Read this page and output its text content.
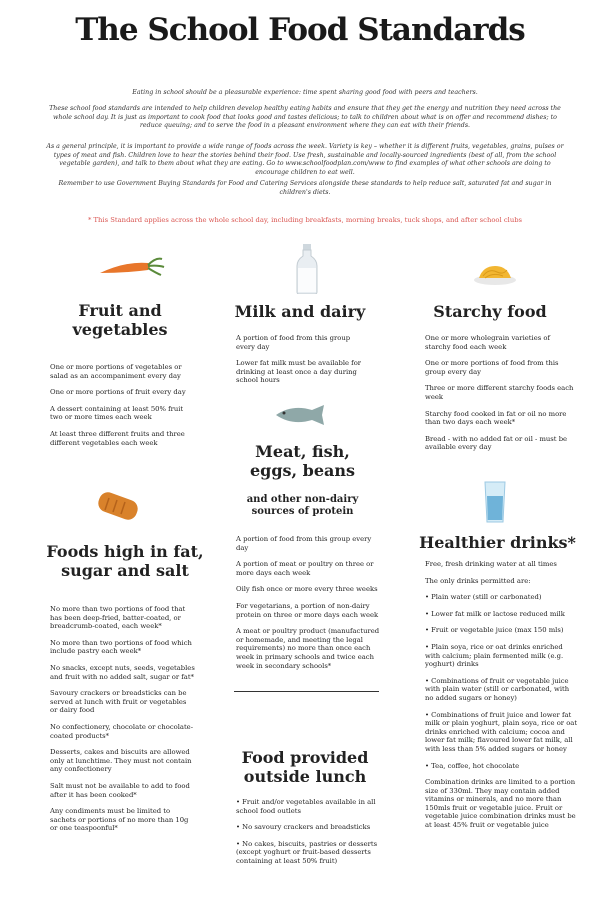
The School Food Standards

Eating in school should be a pleasurable experience: time spent sharing good food with peers and teachers.

These school food standards are intended to help children develop healthy eating habits and ensure that they get the energy and nutrition they need across the whole school day. It is just as important to cook food that looks good and tastes delicious; to talk to children about what is on offer and recommend dishes; to reduce queuing; and to serve the food in a pleasant environment where they can eat with their friends.

As a general principle, it is important to provide a wide range of foods across the week. Variety is key – whether it is different fruits, vegetables, grains, pulses or types of meat and fish. Children love to hear the stories behind their food. Use fresh, sustainable and locally-sourced ingredients (best of all, from the school vegetable garden), and talk to them about what they are eating. Go to www.schoolfoodplan.com/www to find examples of what other schools are doing to encourage children to eat well.

Remember to use Government Buying Standards for Food and Catering Services alongside these standards to help reduce salt, saturated fat and sugar in children's diets.

* This Standard applies across the whole school day, including breakfasts, morning breaks, tuck shops, and after school clubs

Fruit and
vegetables

One or more portions of vegetables or salad as an accompaniment every day

One or more portions of fruit every day

A dessert containing at least 50% fruit two or more times each week

At least three different fruits and three different vegetables each week

Milk and dairy

A portion of food from this group every day

Lower fat milk must be available for drinking at least once a day during school hours

Starchy food

One or more wholegrain varieties of starchy food each week

One or more portions of food from this group every day

Three or more different starchy foods each week

Starchy food cooked in fat or oil no more than two days each week*

Bread - with no added fat or oil - must be available every day

Meat, fish,
eggs, beans
and other non-dairy
sources of protein

A portion of food from this group every day

A portion of meat or poultry on three or more days each week

Oily fish once or more every three weeks

For vegetarians, a portion of non-dairy protein on three or more days each week

A meat or poultry product (manufactured or homemade, and meeting the legal requirements) no more than once each week in primary schools and twice each week in secondary schools*

Foods high in fat,
sugar and salt

No more than two portions of food that has been deep-fried, batter-coated, or breadcrumb-coated, each week*

No more than two portions of food which include pastry each week*

No snacks, except nuts, seeds, vegetables and fruit with no added salt, sugar or fat*

Savoury crackers or breadsticks can be served at lunch with fruit or vegetables or dairy food

No confectionery, chocolate or chocolate-coated products*

Desserts, cakes and biscuits are allowed only at lunchtime. They must not contain any confectionery

Salt must not be available to add to food after it has been cooked*

Any condiments must be limited to sachets or portions of no more than 10g or one teaspoonful*

Food provided
outside lunch

• Fruit and/or vegetables available in all school food outlets

• No savoury crackers and breadsticks

• No cakes, biscuits, pastries or desserts (except yoghurt or fruit-based desserts containing at least 50% fruit)

Healthier drinks*

Free, fresh drinking water at all times

The only drinks permitted are:

• Plain water (still or carbonated)

• Lower fat milk or lactose reduced milk

• Fruit or vegetable juice (max 150 mls)

• Plain soya, rice or oat drinks enriched with calcium; plain fermented milk (e.g. yoghurt) drinks

• Combinations of fruit or vegetable juice with plain water (still or carbonated, with no added sugars or honey)

• Combinations of fruit juice and lower fat milk or plain yoghurt, plain soya, rice or oat drinks enriched with calcium; cocoa and lower fat milk; flavoured lower fat milk, all with less than 5% added sugars or honey

• Tea, coffee, hot chocolate

Combination drinks are limited to a portion size of 330ml. They may contain added vitamins or minerals, and no more than 150mls fruit or vegetable juice. Fruit or vegetable juice combination drinks must be at least 45% fruit or vegetable juice
